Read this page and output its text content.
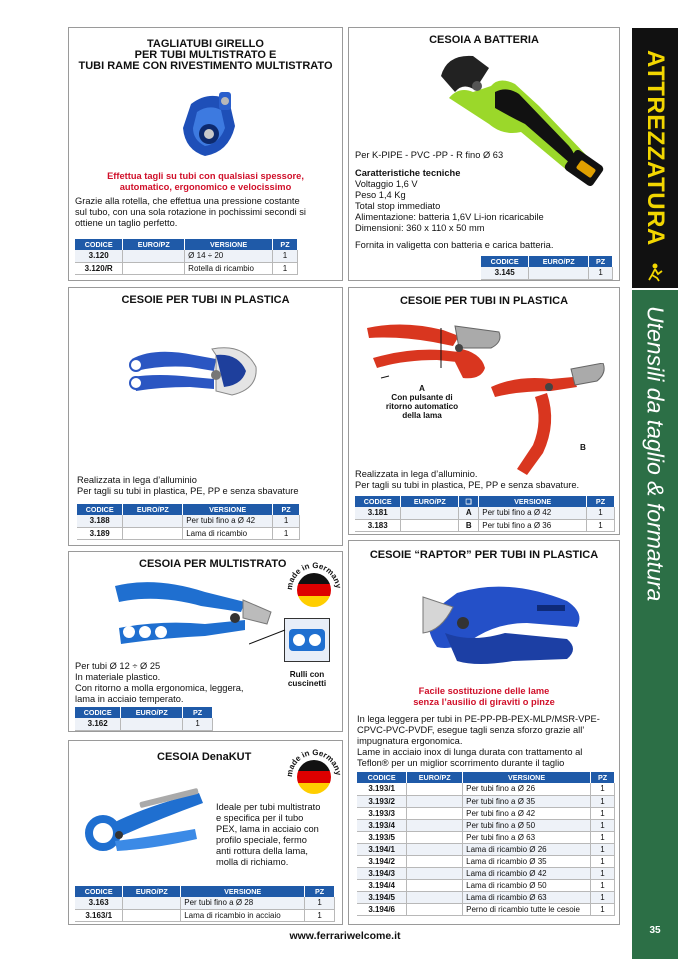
ATTREZZATURA
Utensili da taglio & formatura
35
TAGLIATUBI GIRELLO
PER TUBI MULTISTRATO E
TUBI RAME CON RIVESTIMENTO MULTISTRATO
Effettua tagli su tubi con qualsiasi spessore,
automatico, ergonomico e velocissimo
Grazie alla rotella, che effettua una pressione costante
sul tubo, con una sola rotazione in pochissimi secondi si
ottiene un taglio perfetto.
CODICE	EURO/PZ	VERSIONE	PZ
3.120		Ø 14 ÷ 20	1
3.120/R		Rotella di ricambio	1
CESOIA A BATTERIA
Per K-PIPE - PVC -PP - R fino Ø 63
Caratteristiche tecniche
Voltaggio 1,6 V
Peso 1,4 Kg
Total stop immediato
Alimentazione: batteria 1,6V Li-ion ricaricabile
Dimensioni: 360 x 110 x 50 mm
Fornita in valigetta con batteria e carica batteria.
CODICE	EURO/PZ	PZ
3.145		1
CESOIE PER TUBI IN PLASTICA
Realizzata in lega d’alluminio
Per tagli su tubi in plastica, PE, PP e senza sbavature
CODICE	EURO/PZ	VERSIONE	PZ
3.188		Per tubi fino a Ø 42	1
3.189		Lama di ricambio	1
CESOIE PER TUBI IN PLASTICA
A
Con pulsante di
ritorno automatico
della lama
B
Realizzata in lega d’alluminio.
Per tagli su tubi in plastica, PE, PP e senza sbavature.
CODICE	EURO/PZ	❑	VERSIONE	PZ
3.181		A	Per tubi fino a Ø 42	1
3.183		B	Per tubi fino a Ø 36	1
CESOIA PER MULTISTRATO
made in Germany
Rulli con
cuscinetti
Per tubi Ø 12 ÷ Ø 25
In materiale plastico.
Con ritorno a molla ergonomica, leggera,
lama in acciaio temperato.
CODICE	EURO/PZ	PZ
3.162		1
CESOIE “RAPTOR” PER TUBI IN PLASTICA
Facile sostituzione delle lame
senza l’ausilio di giraviti o pinze
In lega leggera per tubi in PE-PP-PB-PEX-MLP/MSR-VPE-
CPVC-PVC-PVDF, esegue tagli senza sforzo grazie all’
impugnatura ergonomica.
Lame in acciaio inox di lunga durata con trattamento al
Teflon® per un miglior scorrimento durante il taglio
CODICE	EURO/PZ	VERSIONE	PZ
3.193/1		Per tubi fino a Ø 26	1
3.193/2		Per tubi fino a Ø 35	1
3.193/3		Per tubi fino a Ø 42	1
3.193/4		Per tubi fino a Ø 50	1
3.193/5		Per tubi fino a Ø 63	1
3.194/1		Lama di ricambio Ø 26	1
3.194/2		Lama di ricambio Ø 35	1
3.194/3		Lama di ricambio Ø 42	1
3.194/4		Lama di ricambio Ø 50	1
3.194/5		Lama di ricambio Ø 63	1
3.194/6		Perno di ricambio tutte le cesoie	1
CESOIA DenaKUT
made in Germany
Ideale per tubi multistrato
e specifica per il tubo
PEX, lama in acciaio con
profilo speciale, fermo
anti rottura della lama,
molla di richiamo.
CODICE	EURO/PZ	VERSIONE	PZ
3.163		Per tubi fino a Ø 28	1
3.163/1		Lama di ricambio in acciaio	1
www.ferrariwelcome.it
